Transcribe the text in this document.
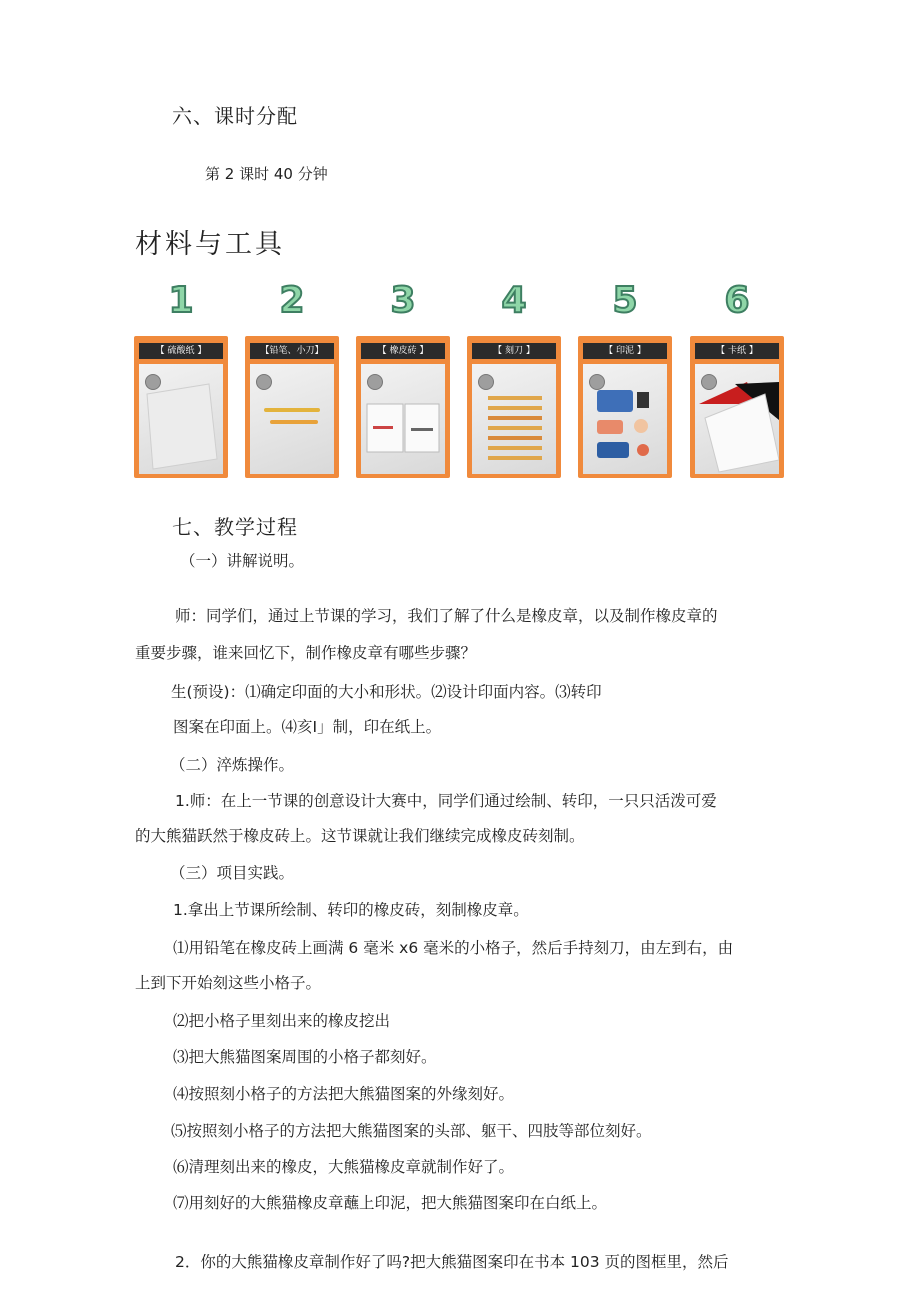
六、课时分配
第 2 课时 40 分钟
材料与工具
1
【 硫酸纸 】
2
【铅笔、小刀】
3
【 橡皮砖 】
4
【 刻刀 】
5
【 印泥 】
6
【 卡纸 】
七、教学过程
（一）讲解说明。
师：同学们，通过上节课的学习，我们了解了什么是橡皮章，以及制作橡皮章的
重要步骤，谁来回忆下，制作橡皮章有哪些步骤？
生(预设)：⑴确定印面的大小和形状。⑵设计印面内容。⑶转印
图案在印面上。⑷亥I」制，印在纸上。
（二）淬炼操作。
1.师：在上一节课的创意设计大赛中，同学们通过绘制、转印，一只只活泼可爱
的大熊猫跃然于橡皮砖上。这节课就让我们继续完成橡皮砖刻制。
（三）项目实践。
1.拿出上节课所绘制、转印的橡皮砖，刻制橡皮章。
⑴用铅笔在橡皮砖上画满 6 毫米 x6 毫米的小格子，然后手持刻刀，由左到右，由
上到下开始刻这些小格子。
⑵把小格子里刻出来的橡皮挖出
⑶把大熊猫图案周围的小格子都刻好。
⑷按照刻小格子的方法把大熊猫图案的外缘刻好。
⑸按照刻小格子的方法把大熊猫图案的头部、躯干、四肢等部位刻好。
⑹清理刻出来的橡皮，大熊猫橡皮章就制作好了。
⑺用刻好的大熊猫橡皮章蘸上印泥，把大熊猫图案印在白纸上。
2．你的大熊猫橡皮章制作好了吗?把大熊猫图案印在书本 103 页的图框里，然后
